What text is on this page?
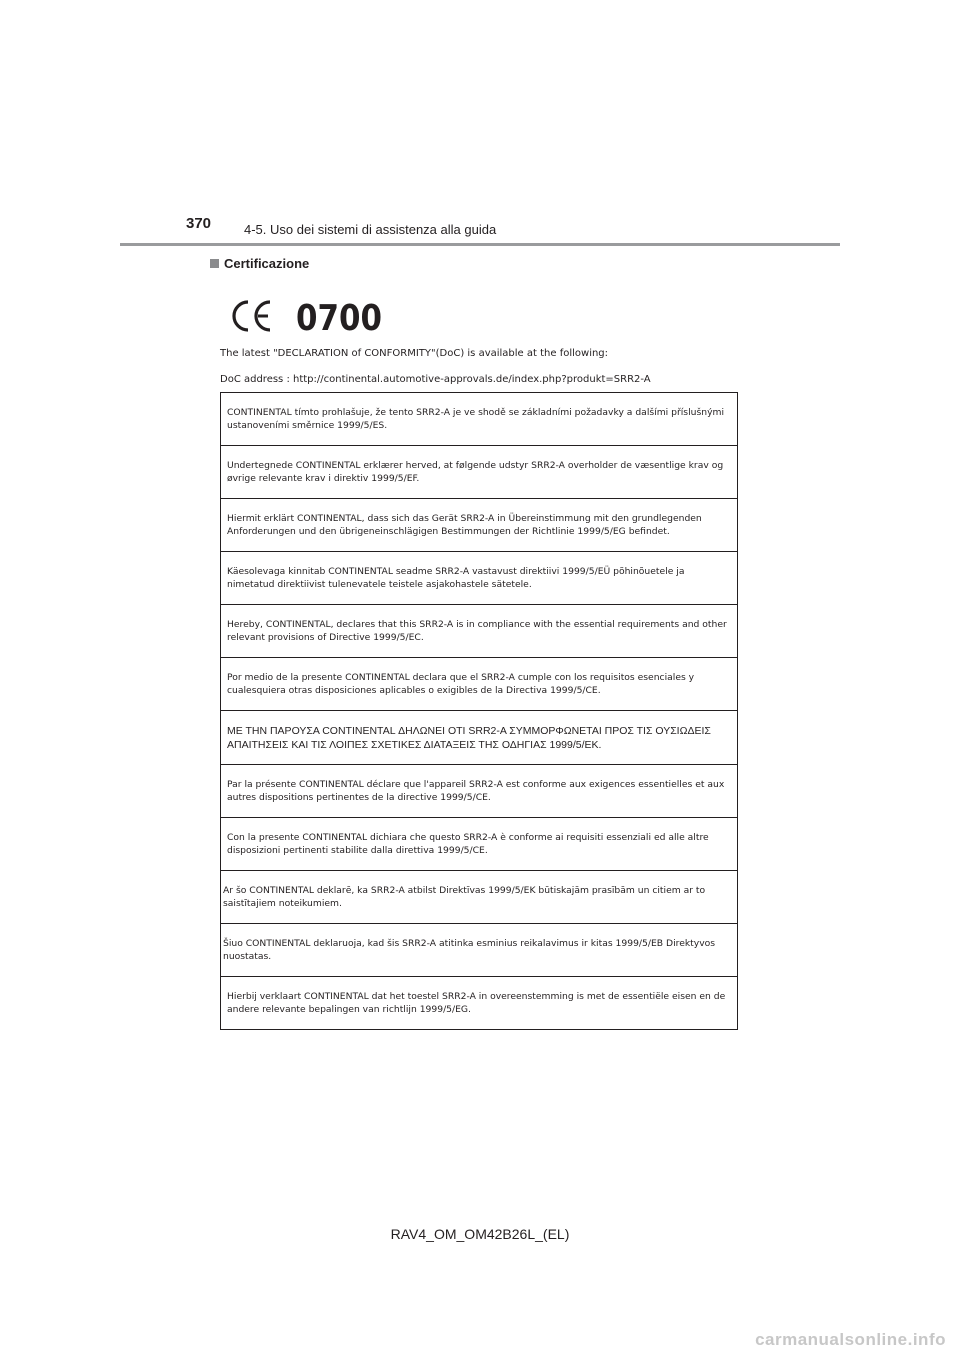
370	4-5. Uso dei sistemi di assistenza alla guida
Certificazione
0700
The latest "DECLARATION of CONFORMITY"(DoC) is available at the following:
DoC address : http://continental.automotive-approvals.de/index.php?produkt=SRR2-A
CONTINENTAL tímto prohlašuje, že tento SRR2-A je ve shodě se základními požadavky a dalšími příslušnými ustanoveními směrnice 1999/5/ES.
Undertegnede CONTINENTAL erklærer herved, at følgende udstyr SRR2-A overholder de væsentlige krav og øvrige relevante krav i direktiv 1999/5/EF.
Hiermit erklärt CONTINENTAL, dass sich das Gerät SRR2-A in Übereinstimmung mit den grundlegenden Anforderungen und den übrigeneinschlägigen Bestimmungen der Richtlinie 1999/5/EG befindet.
Käesolevaga kinnitab CONTINENTAL seadme SRR2-A vastavust direktiivi 1999/5/EÜ põhinõuetele ja nimetatud direktiivist tulenevatele teistele asjakohastele sätetele.
Hereby, CONTINENTAL, declares that this SRR2-A is in compliance with the essential requirements and other relevant provisions of Directive 1999/5/EC.
Por medio de la presente CONTINENTAL declara que el SRR2-A cumple con los requisitos esenciales y cualesquiera otras disposiciones aplicables o exigibles de la Directiva 1999/5/CE.
ΜΕ ΤΗΝ ΠΑΡΟΥΣΑ CONTINENTAL ΔΗΛΩΝΕΙ ΟΤΙ SRR2-A ΣΥΜΜΟΡΦΩΝΕΤΑΙ ΠΡΟΣ ΤΙΣ ΟΥΣΙΩΔΕΙΣ ΑΠΑΙΤΗΣΕΙΣ ΚΑΙ ΤΙΣ ΛΟΙΠΕΣ ΣΧΕΤΙΚΕΣ ΔΙΑΤΑΞΕΙΣ ΤΗΣ ΟΔΗΓΙΑΣ 1999/5/ΕΚ.
Par la présente CONTINENTAL déclare que l'appareil SRR2-A est conforme aux exigences essentielles et aux autres dispositions pertinentes de la directive 1999/5/CE.
Con la presente CONTINENTAL dichiara che questo SRR2-A è conforme ai requisiti essenziali ed alle altre disposizioni pertinenti stabilite dalla direttiva 1999/5/CE.
Ar šo CONTINENTAL deklarē, ka SRR2-A atbilst Direktīvas 1999/5/EK būtiskajām prasībām un citiem ar to saistītajiem noteikumiem.
Šiuo CONTINENTAL deklaruoja, kad šis SRR2-A atitinka esminius reikalavimus ir kitas 1999/5/EB Direktyvos nuostatas.
Hierbij verklaart CONTINENTAL dat het toestel SRR2-A in overeenstemming is met de essentiële eisen en de andere relevante bepalingen van richtlijn 1999/5/EG.
RAV4_OM_OM42B26L_(EL)
carmanualsonline.info
